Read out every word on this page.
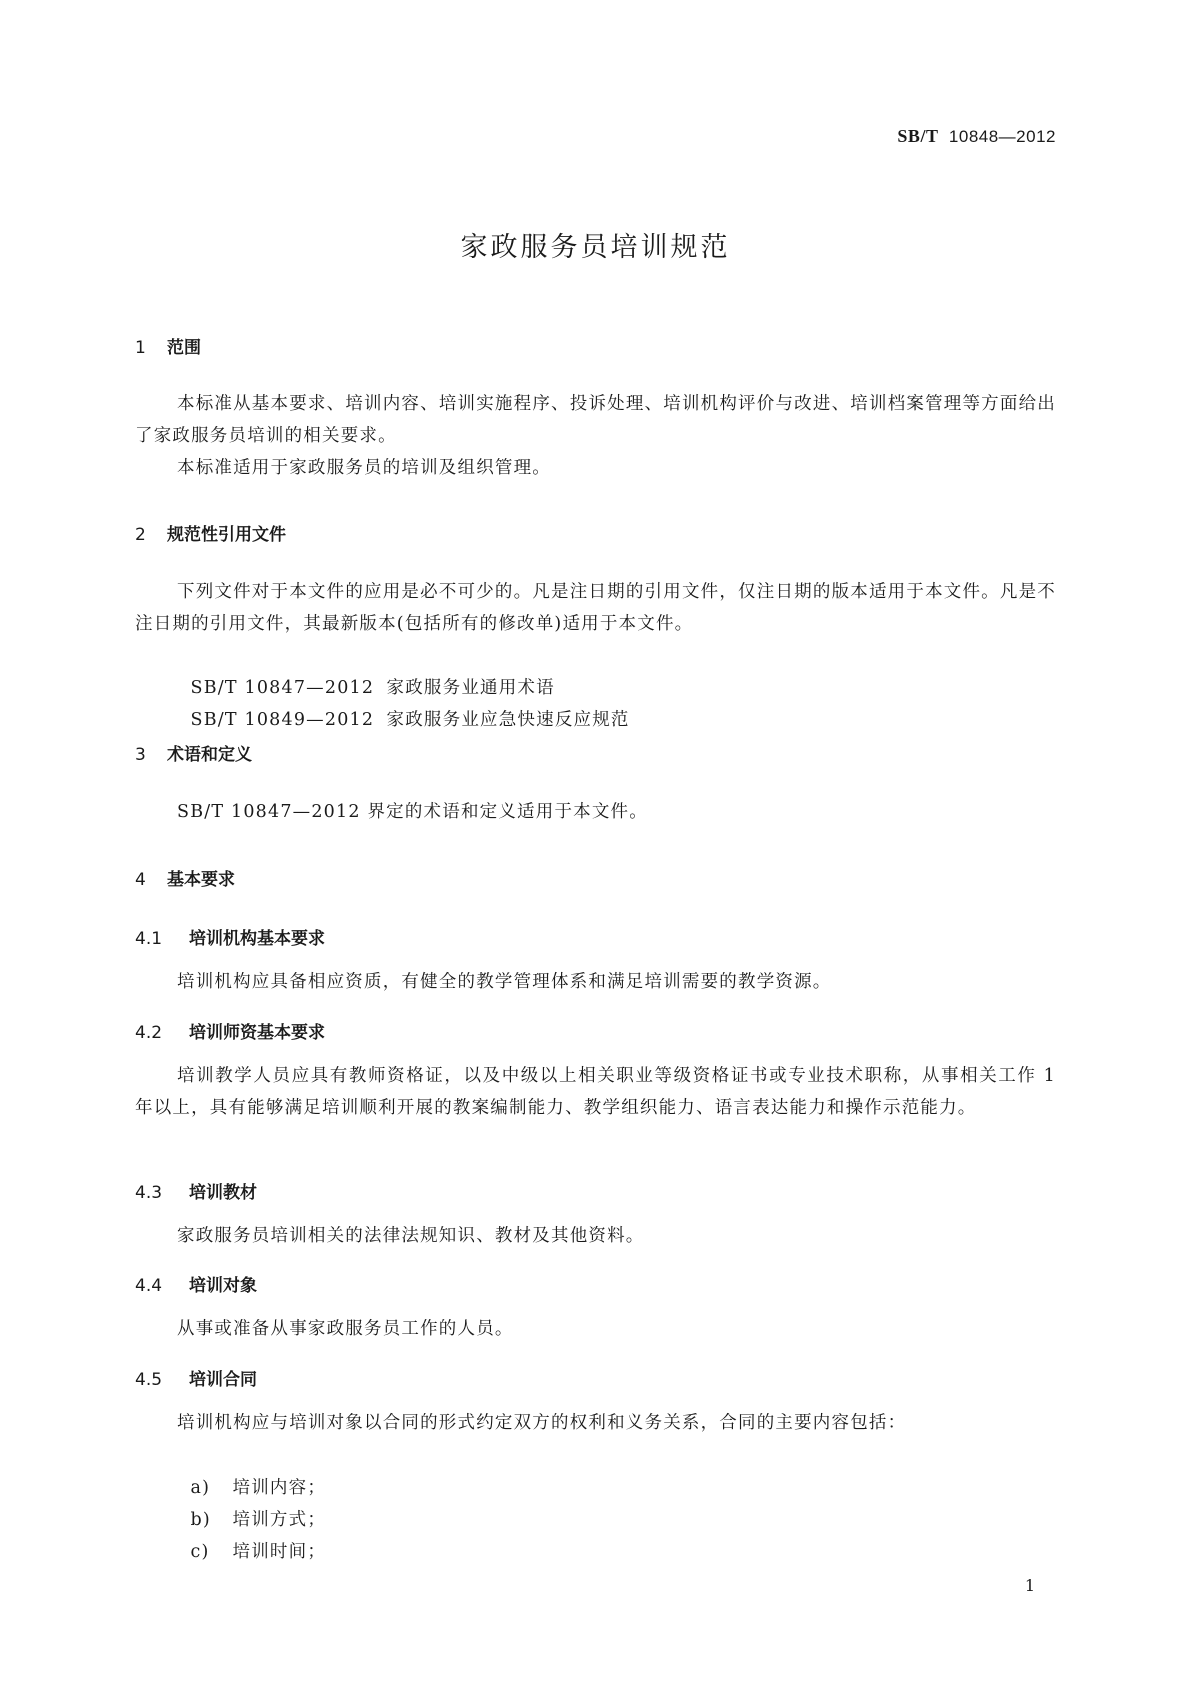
SB/T 10848—2012
家政服务员培训规范
1 范围
本标准从基本要求、培训内容、培训实施程序、投诉处理、培训机构评价与改进、培训档案管理等方面给出了家政服务员培训的相关要求。
本标准适用于家政服务员的培训及组织管理。
2 规范性引用文件
下列文件对于本文件的应用是必不可少的。凡是注日期的引用文件，仅注日期的版本适用于本文件。凡是不注日期的引用文件，其最新版本(包括所有的修改单)适用于本文件。

SB/T 10847—2012 家政服务业通用术语

SB/T 10849—2012 家政服务业应急快速反应规范

3 术语和定义
SB/T 10847—2012 界定的术语和定义适用于本文件。
4 基本要求
4.1 培训机构基本要求
培训机构应具备相应资质，有健全的教学管理体系和满足培训需要的教学资源。
4.2 培训师资基本要求
培训教学人员应具有教师资格证，以及中级以上相关职业等级资格证书或专业技术职称，从事相关工作 1 年以上，具有能够满足培训顺利开展的教案编制能力、教学组织能力、语言表达能力和操作示范能力。
4.3 培训教材
家政服务员培训相关的法律法规知识、教材及其他资料。
4.4 培训对象
从事或准备从事家政服务员工作的人员。
4.5 培训合同
培训机构应与培训对象以合同的形式约定双方的权利和义务关系，合同的主要内容包括：

a) 培训内容；

b) 培训方式；

c) 培训时间；

1
